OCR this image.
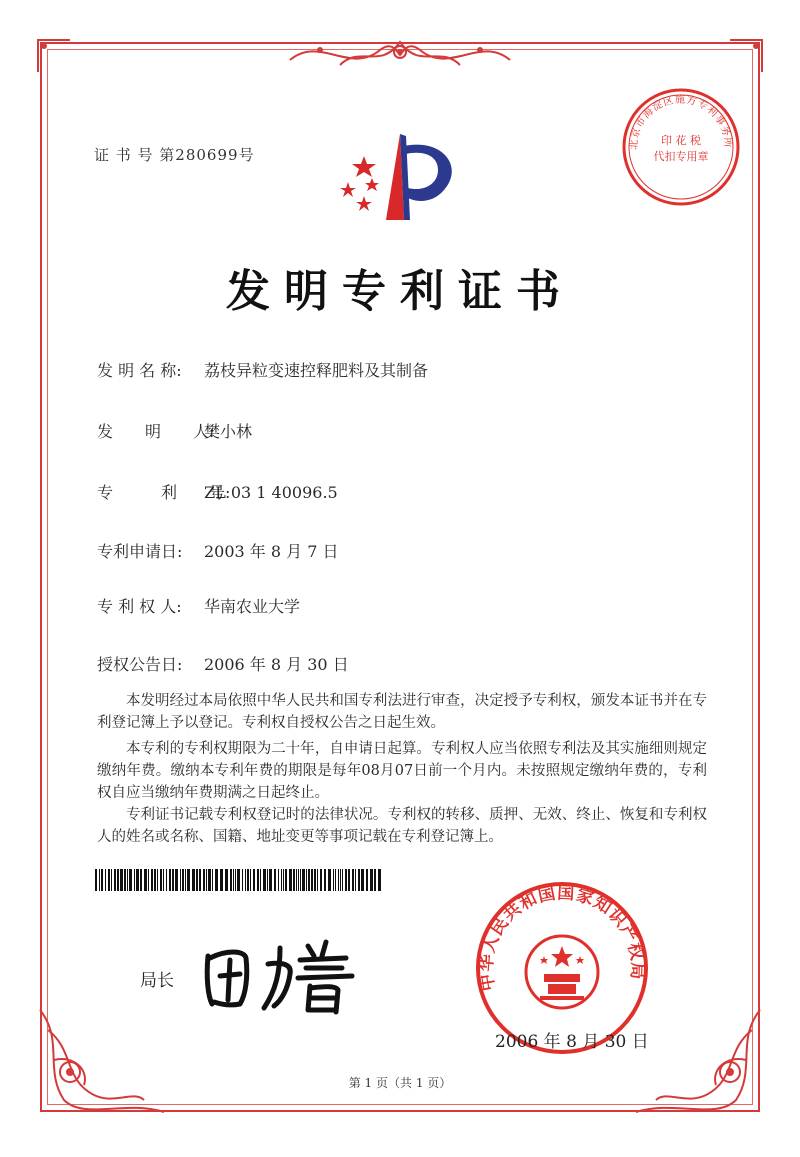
证 书 号 第280699号
北京市海淀区施方专利事务所
印 花 税
代扣专用章
发明专利证书
发 明 名 称: 荔枝异粒变速控释肥料及其制备
发　　明　　人:樊小林
专　　　利　　号:ZL 03 1 40096.5
专利申请日: 2003 年 8 月 7 日
专 利 权 人: 华南农业大学
授权公告日: 2006 年 8 月 30 日
本发明经过本局依照中华人民共和国专利法进行审查，决定授予专利权，颁发本证书并在专利登记簿上予以登记。专利权自授权公告之日起生效。
本专利的专利权期限为二十年，自申请日起算。专利权人应当依照专利法及其实施细则规定缴纳年费。缴纳本专利年费的期限是每年08月07日前一个月内。未按照规定缴纳年费的，专利权自应当缴纳年费期满之日起终止。
专利证书记载专利权登记时的法律状况。专利权的转移、质押、无效、终止、恢复和专利权人的姓名或名称、国籍、地址变更等事项记载在专利登记簿上。
中华人民共和国国家知识产权局
局长
2006 年 8 月 30 日
第 1 页（共 1 页）
